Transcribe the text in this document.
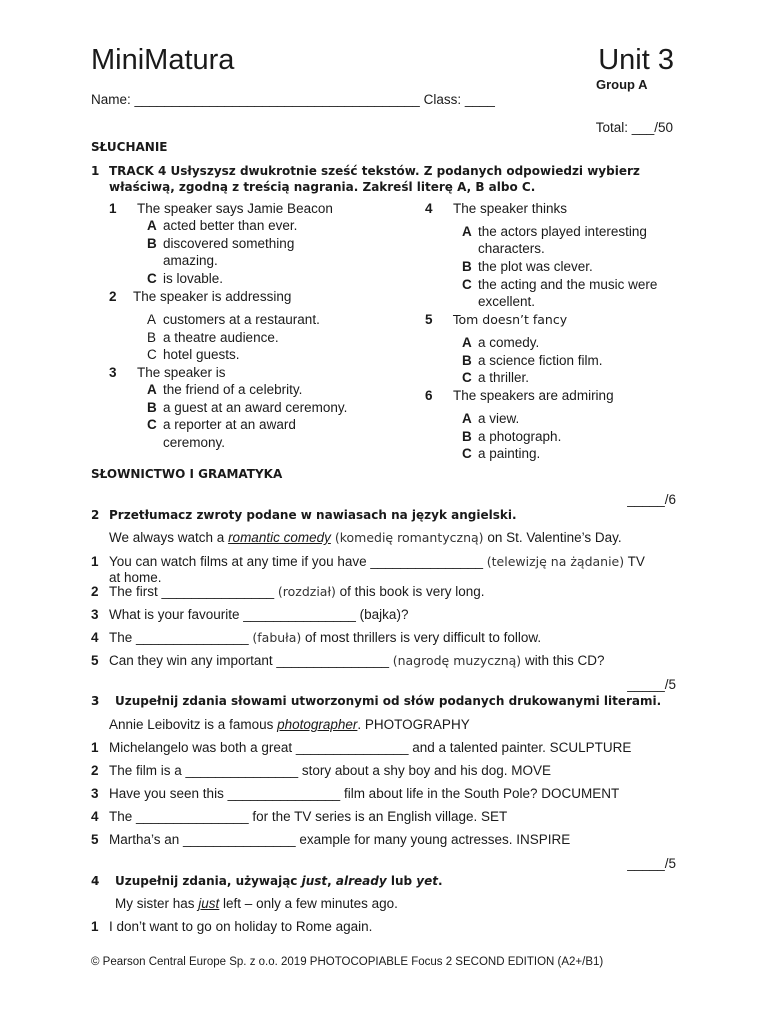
MiniMatura	Unit 3
Group A
Name: ______________________________________ Class: ____
Total: ___/50
SŁUCHANIE
1 TRACK 4 Usłyszysz dwukrotnie sześć tekstów. Z podanych odpowiedzi wybierz
właściwą, zgodną z treścią nagrania. Zakreśl literę A, B albo C.
1 The speaker says Jamie Beacon
A acted better than ever.
B discovered something
amazing.
C is lovable.
2 The speaker is addressing
A customers at a restaurant.
B a theatre audience.
C hotel guests.
3 The speaker is
A the friend of a celebrity.
B a guest at an award ceremony.
C a reporter at an award
ceremony.
4 The speaker thinks
A the actors played interesting
characters.
B the plot was clever.
C the acting and the music were
excellent.
5 Tom doesn’t fancy
A a comedy.
B a science fiction film.
C a thriller.
6 The speakers are admiring
A a view.
B a photograph.
C a painting.
SŁOWNICTWO I GRAMATYKA
_____/6
2 Przetłumacz zwroty podane w nawiasach na język angielski.
We always watch a romantic comedy (komedię romantyczną) on St. Valentine’s Day.
1 You can watch films at any time if you have _______________ (telewizję na żądanie) TV
at home.
2 The first _______________ (rozdział) of this book is very long.
3 What is your favourite _______________ (bajka)?
4 The _______________ (fabuła) of most thrillers is very difficult to follow.
5 Can they win any important _______________ (nagrodę muzyczną) with this CD?
_____/5
3 Uzupełnij zdania słowami utworzonymi od słów podanych drukowanymi literami.
Annie Leibovitz is a famous photographer. PHOTOGRAPHY
1 Michelangelo was both a great _______________ and a talented painter. SCULPTURE
2 The film is a _______________ story about a shy boy and his dog. MOVE
3 Have you seen this _______________ film about life in the South Pole? DOCUMENT
4 The _______________ for the TV series is an English village. SET
5 Martha’s an _______________ example for many young actresses. INSPIRE
_____/5
4 Uzupełnij zdania, używając just, already lub yet.
My sister has just left – only a few minutes ago.
1 I don’t want to go on holiday to Rome again.
© Pearson Central Europe Sp. z o.o. 2019 PHOTOCOPIABLE Focus 2 SECOND EDITION (A2+/B1)
